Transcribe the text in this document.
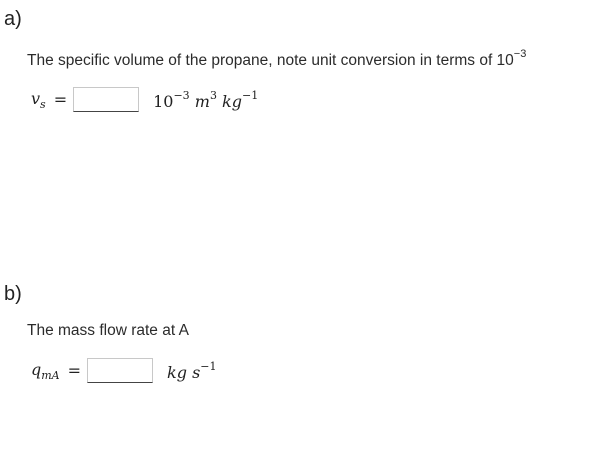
a)
The specific volume of the propane, note unit conversion in terms of $10^{-3}$
$v_s$ =	$10^{-3}$ $m^3$ $kg^{-1}$
b)
The mass flow rate at A
$q_{mA}$ =	kg $s^{-1}$
